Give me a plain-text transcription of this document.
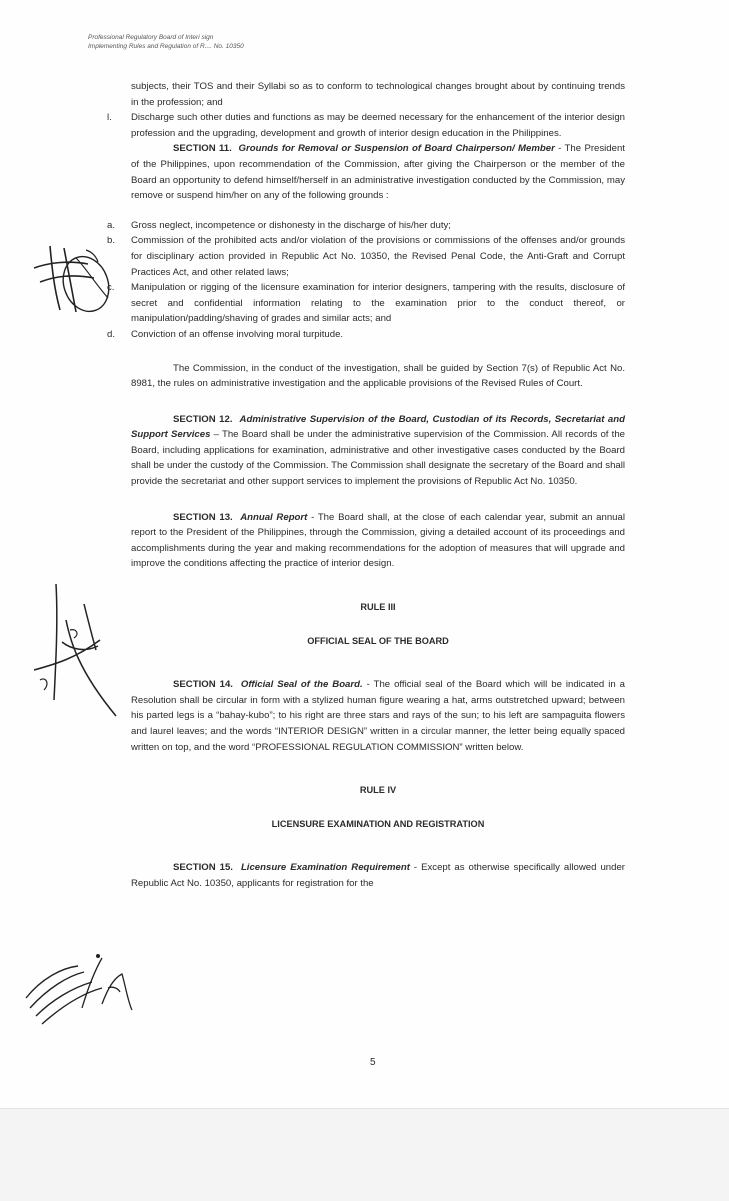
Professional Regulatory Board of Interi sign
Implementing Rules and Regulation of R.... No. 10350

subjects, their TOS and their Syllabi so as to conform to technological changes brought about by continuing trends in the profession; and

l. Discharge such other duties and functions as may be deemed necessary for the enhancement of the interior design profession and the upgrading, development and growth of interior design education in the Philippines.

SECTION 11. Grounds for Removal or Suspension of Board Chairperson/ Member - The President of the Philippines, upon recommendation of the Commission, after giving the Chairperson or the member of the Board an opportunity to defend himself/herself in an administrative investigation conducted by the Commission, may remove or suspend him/her on any of the following grounds :

a. Gross neglect, incompetence or dishonesty in the discharge of his/her duty;

b. Commission of the prohibited acts and/or violation of the provisions or commissions of the offenses and/or grounds for disciplinary action provided in Republic Act No. 10350, the Revised Penal Code, the Anti-Graft and Corrupt Practices Act, and other related laws;

c. Manipulation or rigging of the licensure examination for interior designers, tampering with the results, disclosure of secret and confidential information relating to the examination prior to the conduct thereof, or manipulation/padding/shaving of grades and similar acts; and

d. Conviction of an offense involving moral turpitude.

The Commission, in the conduct of the investigation, shall be guided by Section 7(s) of Republic Act No. 8981, the rules on administrative investigation and the applicable provisions of the Revised Rules of Court.

SECTION 12. Administrative Supervision of the Board, Custodian of its Records, Secretariat and Support Services – The Board shall be under the administrative supervision of the Commission. All records of the Board, including applications for examination, administrative and other investigative cases conducted by the Board shall be under the custody of the Commission. The Commission shall designate the secretary of the Board and shall provide the secretariat and other support services to implement the provisions of Republic Act No. 10350.

SECTION 13. Annual Report - The Board shall, at the close of each calendar year, submit an annual report to the President of the Philippines, through the Commission, giving a detailed account of its proceedings and accomplishments during the year and making recommendations for the adoption of measures that will upgrade and improve the conditions affecting the practice of interior design.

RULE III

OFFICIAL SEAL OF THE BOARD

SECTION 14. Official Seal of the Board. - The official seal of the Board which will be indicated in a Resolution shall be circular in form with a stylized human figure wearing a hat, arms outstretched upward; between his parted legs is a “bahay-kubo”; to his right are three stars and rays of the sun; to his left are sampaguita flowers and laurel leaves; and the words “INTERIOR DESIGN” written in a circular manner, the letter being equally spaced written on top, and the word “PROFESSIONAL REGULATION COMMISSION” written below.

RULE IV

LICENSURE EXAMINATION AND REGISTRATION

SECTION 15. Licensure Examination Requirement - Except as otherwise specifically allowed under Republic Act No. 10350, applicants for registration for the

5
